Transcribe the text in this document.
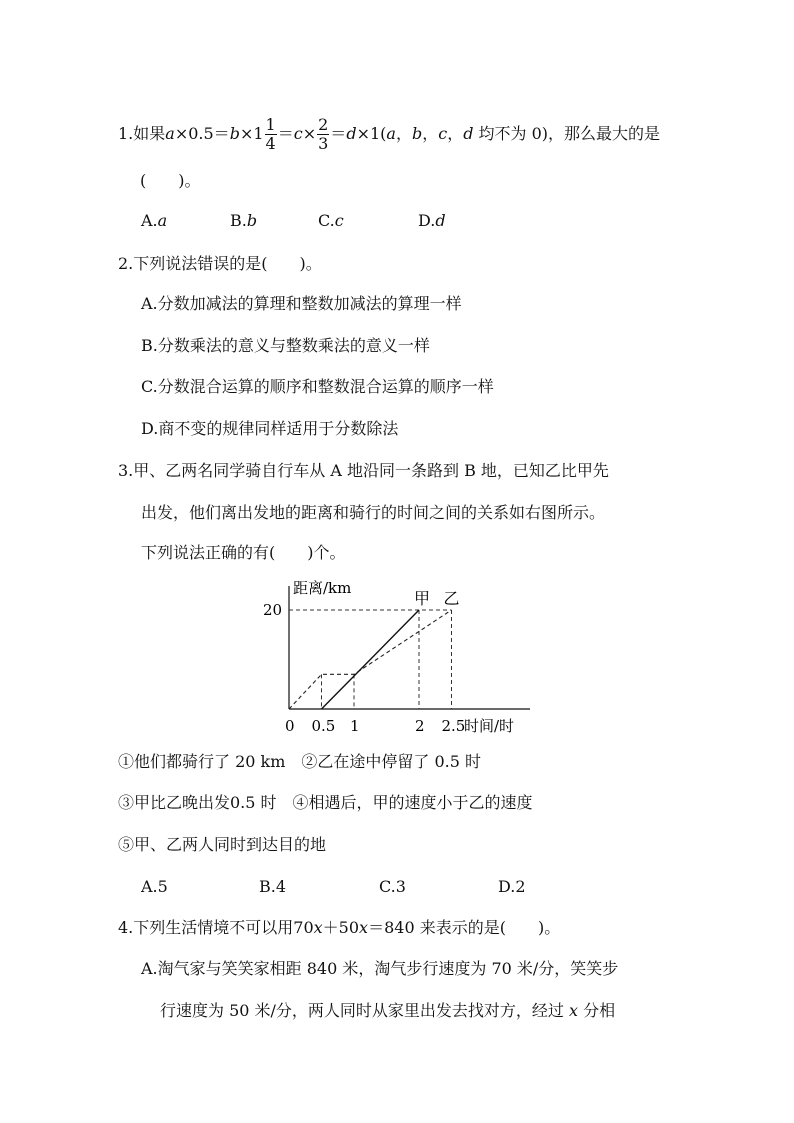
1.如果$a\times 0.5=b\times 1 \frac{1}{4} =c\times \frac{2}{3} =d\times 1(a$，b，c，d 均不为 0)，那么最大的是
(　　)。
A.a	B.b	C.c	D.d
2.下列说法错误的是(　　)。
A.分数加减法的算理和整数加减法的算理一样
B.分数乘法的意义与整数乘法的意义一样
C.分数混合运算的顺序和整数混合运算的顺序一样
D.商不变的规律同样适用于分数除法
3.甲、乙两名同学骑自行车从 A 地沿同一条路到 B 地，已知乙比甲先
出发，他们离出发地的距离和骑行的时间之间的关系如右图所示。
下列说法正确的有(　　)个。
距离/km
时间/时
20
0 0.5 1	2 2.5
甲 乙
①他们都骑行了 20 km　②乙在途中停留了 0.5 时
③甲比乙晚出发0.5 时　④相遇后，甲的速度小于乙的速度
⑤甲、乙两人同时到达目的地
A.5	B.4	C.3	D.2
4.下列生活情境不可以用70x＋50x＝840 来表示的是(　　)。
A.淘气家与笑笑家相距 840 米，淘气步行速度为 70 米/分，笑笑步
行速度为 50 米/分，两人同时从家里出发去找对方，经过 x 分相
